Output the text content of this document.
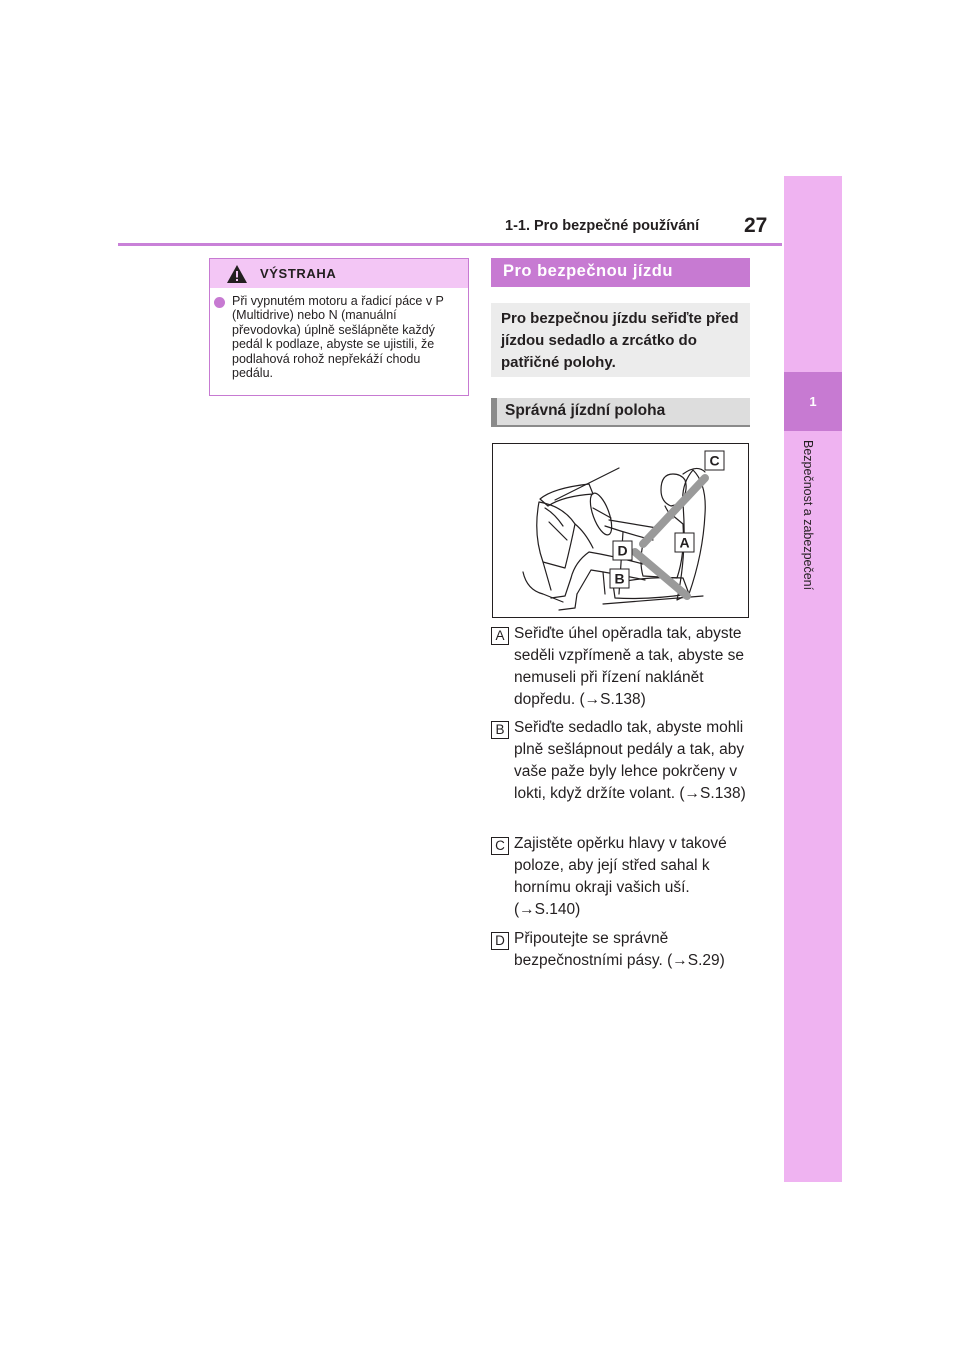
1-1. Pro bezpečné používání 27
1
Bezpečnost a zabezpečení
VÝSTRAHA
Při vypnutém motoru a řadicí páce v P (Multidrive) nebo N (manuální převodovka) úplně sešlápněte každý pedál k podlaze, abyste se ujistili, že podlahová rohož nepřekáží chodu pedálu.
Pro bezpečnou jízdu
Pro bezpečnou jízdu seřiďte před jízdou sedadlo a zrcátko do patřičné polohy.
Správná jízdní poloha
C
A
D
B
A Seřiďte úhel opěradla tak, abyste seděli vzpřímeně a tak, abyste se nemuseli při řízení naklánět dopředu. (→S.138)
B Seřiďte sedadlo tak, abyste mohli plně sešlápnout pedály a tak, aby vaše paže byly lehce pokrčeny v lokti, když držíte volant. (→S.138)
C Zajistěte opěrku hlavy v takové poloze, aby její střed sahal k hornímu okraji vašich uší. (→S.140)
D Připoutejte se správně bezpečnostními pásy. (→S.29)
